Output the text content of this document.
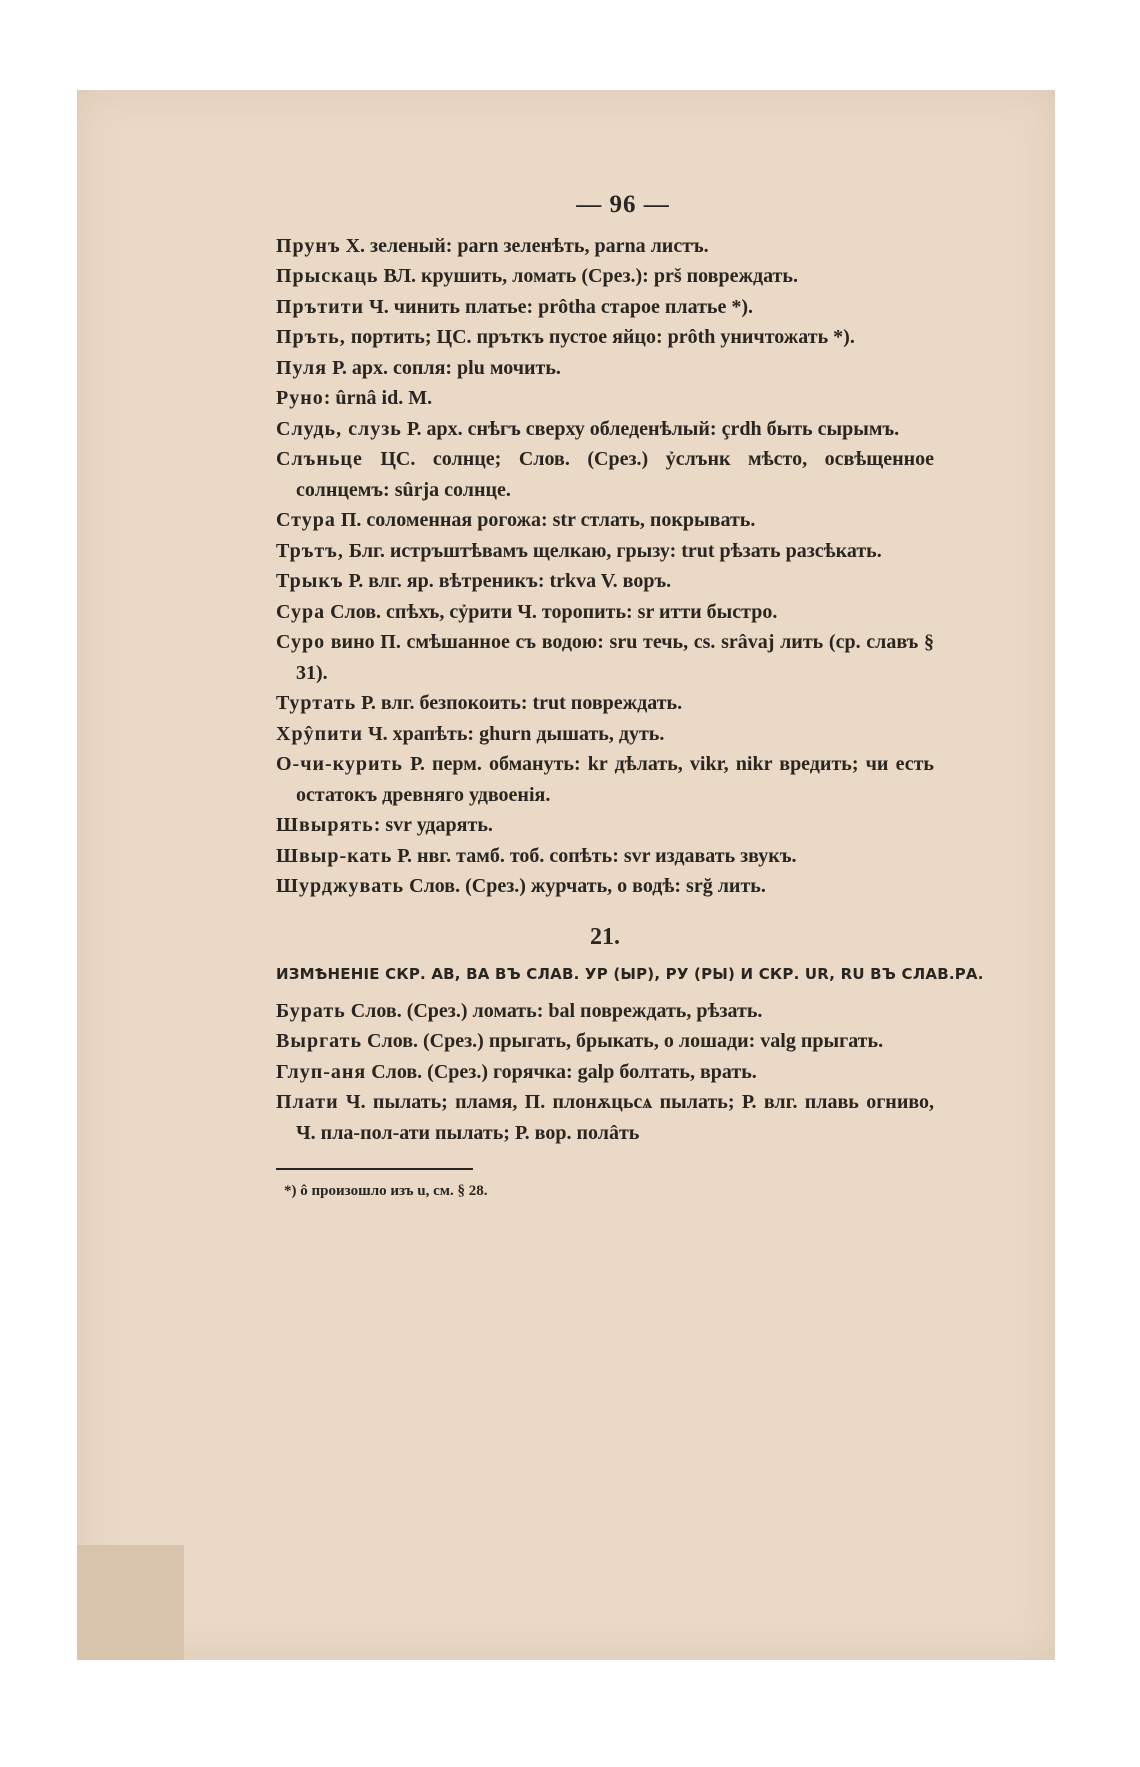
— 96 —

Прунъ Х. зеленый: parn зеленѣть, parna листъ.

Прыскаць ВЛ. крушить, ломать (Срез.): prš повреждать.

Прътити Ч. чинить платье: prôtha старое платье *).

Пръть, портить; ЦС. пръткъ пустое яйцо: prôth уничтожать *).

Пуля Р. арх. сопля: plu мочить.

Руно: ûrnâ id. М.

Слудь, слузь Р. арх. снѣгъ сверху обледенѣлый: çrdh быть сырымъ.

Слъньце ЦС. солнце; Слов. (Срез.) ỷслънк мѣсто, освѣщенное солнцемъ: sûrja солнце.

Стура П. соломенная рогожа: str стлать, покрывать.

Трътъ, Блг. истръштѣвамъ щелкаю, грызу: trut рѣзать разсѣкать.

Трыкъ Р. влг. яр. вѣтреникъ: trkva V. воръ.

Сура Слов. спѣхъ, сỷрити Ч. торопить: sr итти быстро.

Суро вино П. смѣшанное съ водою: sru течь, cs. srâvaj лить (ср. славъ § 31).

Туртать Р. влг. безпокоить: trut повреждать.

Хрŷпити Ч. храпѣть: ghurn дышать, дуть.

О-чи-курить Р. перм. обмануть: kr дѣлать, vikr, nikr вредить; чи есть остатокъ древняго удвоенія.

Швырять: svr ударять.

Швыр-кать Р. нвг. тамб. тоб. сопѣть: svr издавать звукъ.

Шурджувать Слов. (Срез.) журчать, о водѣ: srğ лить.

21.
ИЗМѢНЕНІЕ СКР. АВ, ВА ВЪ СЛАВ. УР (ЫР), РУ (РЫ) И СКР. UR, RU ВЪ СЛАВ.РА.

Бурать Слов. (Срез.) ломать: bal повреждать, рѣзать.

Выргать Слов. (Срез.) прыгать, брыкать, о лошади: valg прыгать.

Глуп-аня Слов. (Срез.) горячка: galp болтать, врать.

Плати Ч. пылать; пламя, П. плонѫцьсѧ пылать; Р. влг. плавь огниво, Ч. пла-пол-ати пылать; Р. вор. полâть

*) ô произошло изъ u, см. § 28.
